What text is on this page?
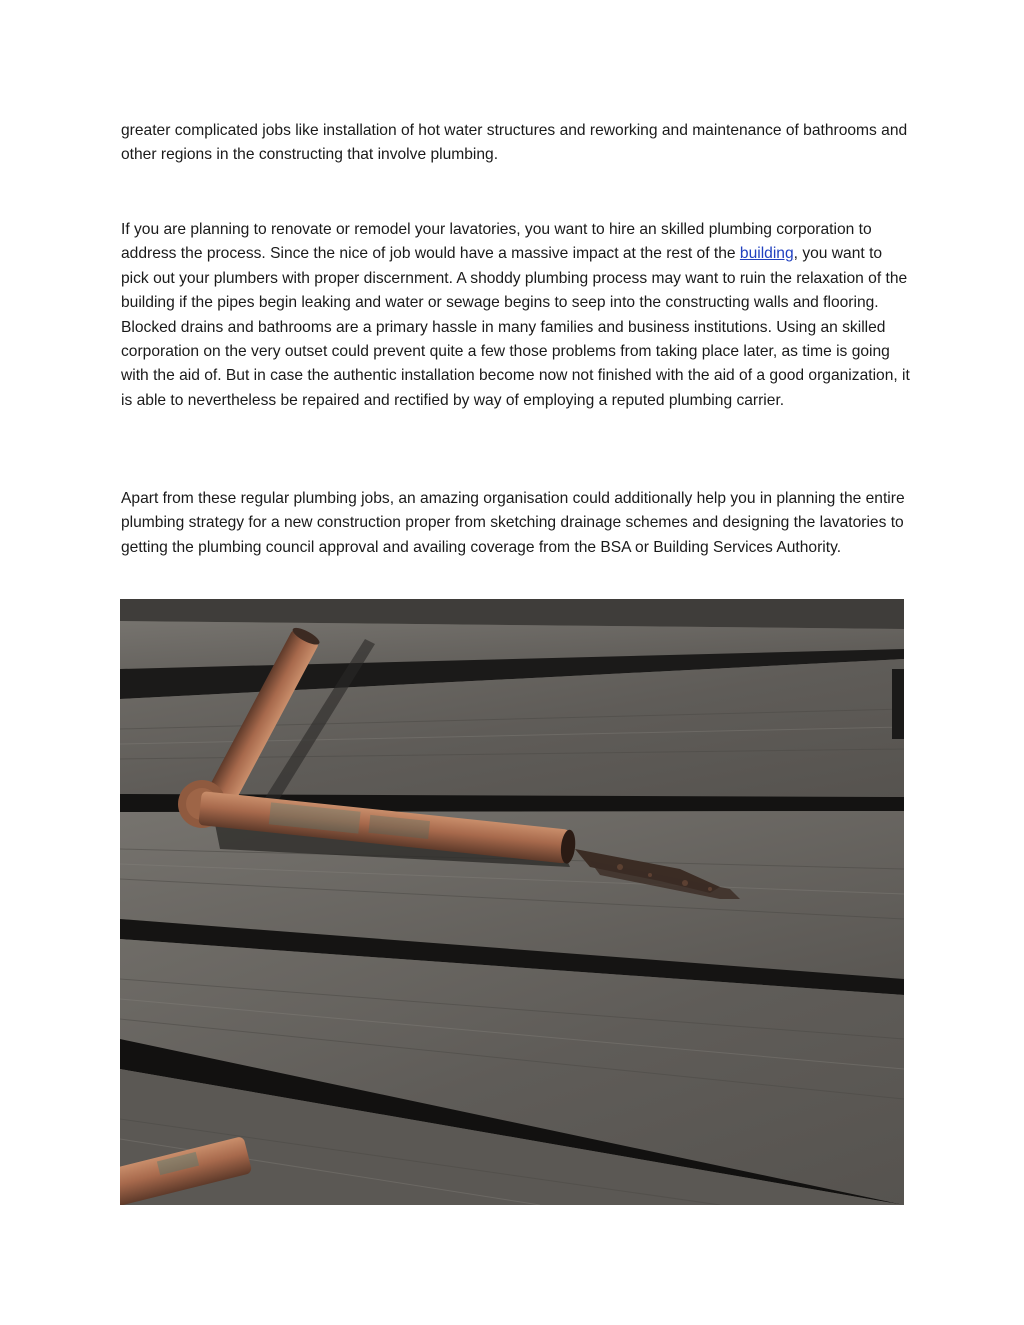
greater complicated jobs like installation of hot water structures and reworking and maintenance of bathrooms and other regions in the constructing that involve plumbing.

If you are planning to renovate or remodel your lavatories, you want to hire an skilled plumbing corporation to address the process. Since the nice of job would have a massive impact at the rest of the building, you want to pick out your plumbers with proper discernment. A shoddy plumbing process may want to ruin the relaxation of the building if the pipes begin leaking and water or sewage begins to seep into the constructing walls and flooring. Blocked drains and bathrooms are a primary hassle in many families and business institutions. Using an skilled corporation on the very outset could prevent quite a few those problems from taking place later, as time is going with the aid of. But in case the authentic installation become now not finished with the aid of a good organization, it is able to nevertheless be repaired and rectified by way of employing a reputed plumbing carrier.

Apart from these regular plumbing jobs, an amazing organisation could additionally help you in planning the entire plumbing strategy for a new construction proper from sketching drainage schemes and designing the lavatories to getting the plumbing council approval and availing coverage from the BSA or Building Services Authority.
